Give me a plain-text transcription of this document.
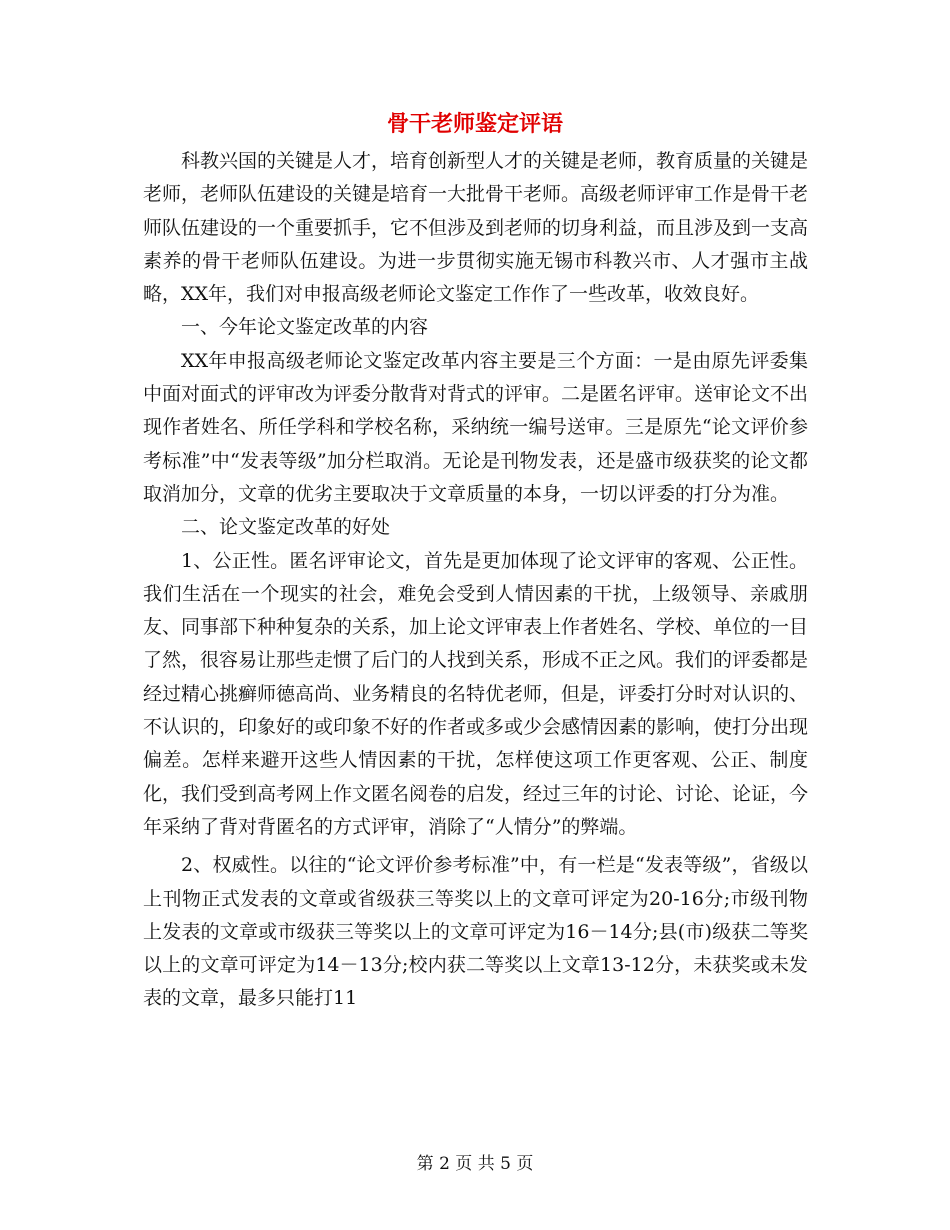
骨干老师鉴定评语

科教兴国的关键是人才，培育创新型人才的关键是老师，教育质量的关键是老师，老师队伍建设的关键是培育一大批骨干老师。高级老师评审工作是骨干老师队伍建设的一个重要抓手，它不但涉及到老师的切身利益，而且涉及到一支高素养的骨干老师队伍建设。为进一步贯彻实施无锡市科教兴市、人才强市主战略，XX年，我们对申报高级老师论文鉴定工作作了一些改革，收效良好。

一、今年论文鉴定改革的内容

XX年申报高级老师论文鉴定改革内容主要是三个方面：一是由原先评委集中面对面式的评审改为评委分散背对背式的评审。二是匿名评审。送审论文不出现作者姓名、所任学科和学校名称，采纳统一编号送审。三是原先“论文评价参考标准”中“发表等级”加分栏取消。无论是刊物发表，还是盛市级获奖的论文都取消加分，文章的优劣主要取决于文章质量的本身，一切以评委的打分为准。

二、论文鉴定改革的好处

1、公正性。匿名评审论文，首先是更加体现了论文评审的客观、公正性。我们生活在一个现实的社会，难免会受到人情因素的干扰，上级领导、亲戚朋友、同事部下种种复杂的关系，加上论文评审表上作者姓名、学校、单位的一目了然，很容易让那些走惯了后门的人找到关系，形成不正之风。我们的评委都是经过精心挑癣师德高尚、业务精良的名特优老师，但是，评委打分时对认识的、不认识的，印象好的或印象不好的作者或多或少会感情因素的影响，使打分出现偏差。怎样来避开这些人情因素的干扰，怎样使这项工作更客观、公正、制度化，我们受到高考网上作文匿名阅卷的启发，经过三年的讨论、讨论、论证，今年采纳了背对背匿名的方式评审，消除了“人情分”的弊端。

2、权威性。以往的“论文评价参考标准”中，有一栏是“发表等级”，省级以上刊物正式发表的文章或省级获三等奖以上的文章可评定为20-16分;市级刊物上发表的文章或市级获三等奖以上的文章可评定为16－14分;县(市)级获二等奖以上的文章可评定为14－13分;校内获二等奖以上文章13-12分，未获奖或未发表的文章，最多只能打11

第 2 页 共 5 页
